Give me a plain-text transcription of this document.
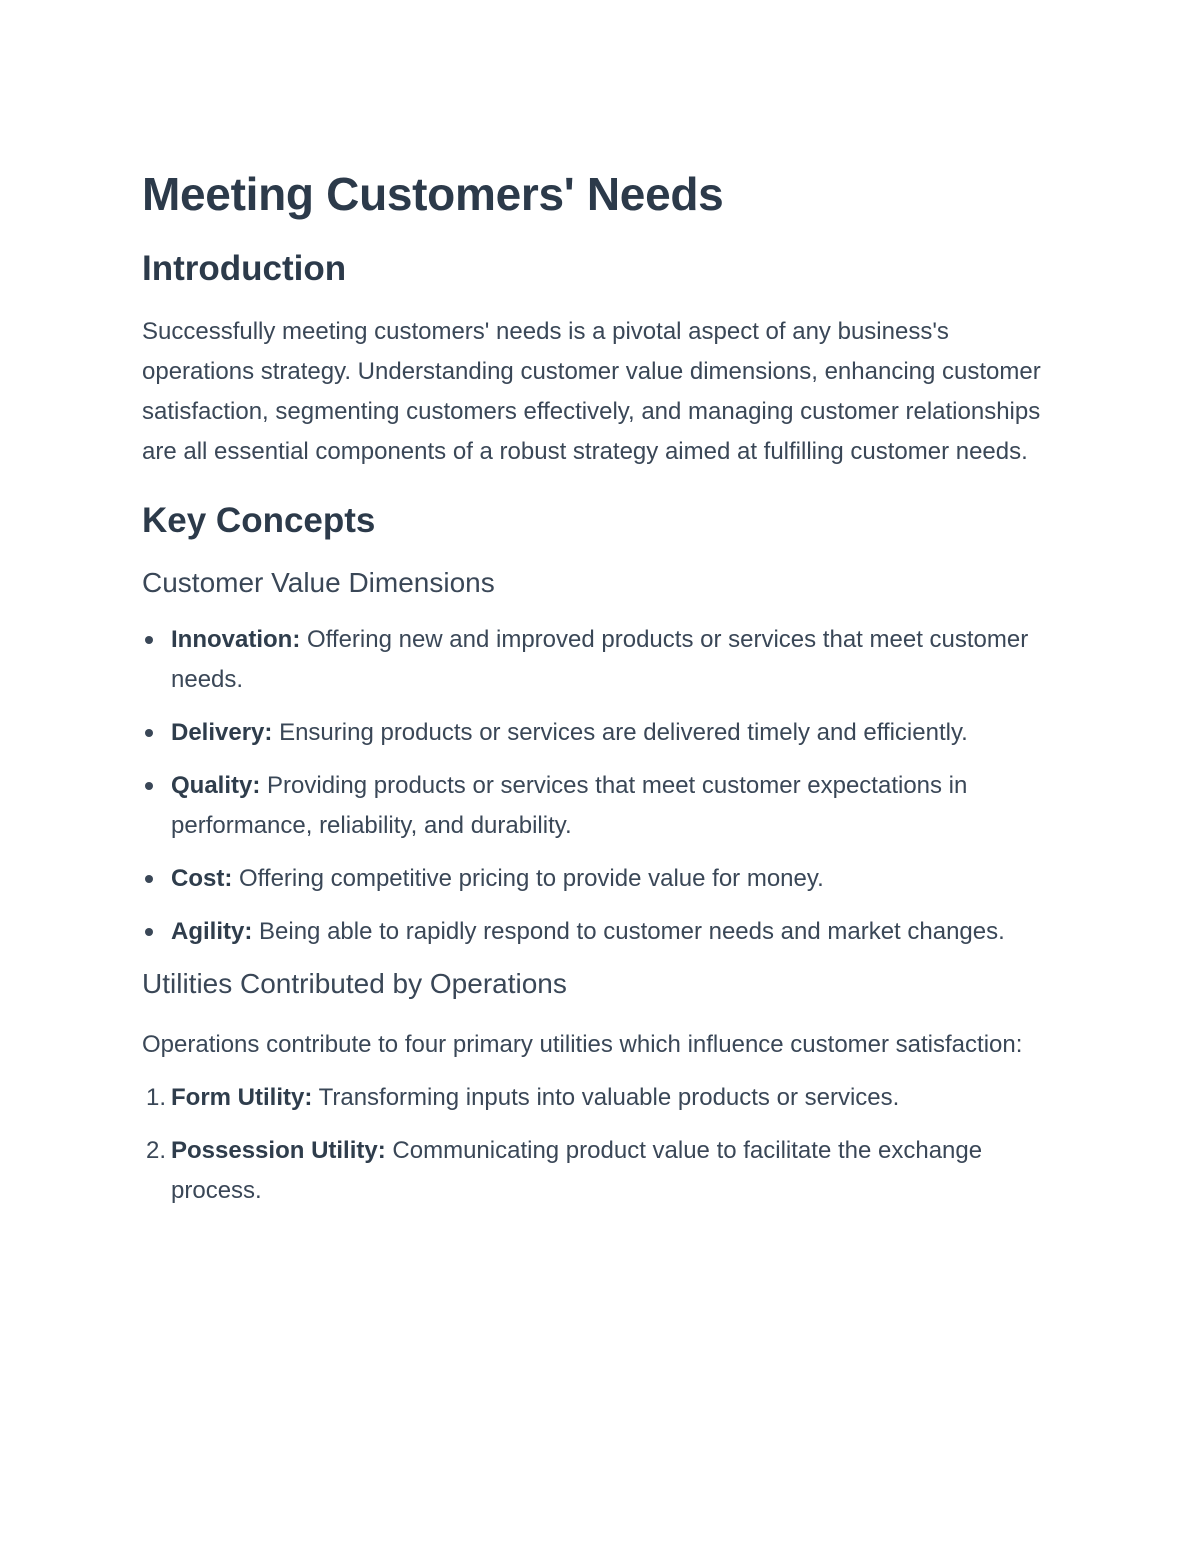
Meeting Customers' Needs
Introduction

Successfully meeting customers' needs is a pivotal aspect of any business's operations strategy. Understanding customer value dimensions, enhancing customer satisfaction, segmenting customers effectively, and managing customer relationships are all essential components of a robust strategy aimed at fulfilling customer needs.

Key Concepts
Customer Value Dimensions
Innovation: Offering new and improved products or services that meet customer needs.
Delivery: Ensuring products or services are delivered timely and efficiently.
Quality: Providing products or services that meet customer expectations in performance, reliability, and durability.
Cost: Offering competitive pricing to provide value for money.
Agility: Being able to rapidly respond to customer needs and market changes.
Utilities Contributed by Operations

Operations contribute to four primary utilities which influence customer satisfaction:

1. Form Utility: Transforming inputs into valuable products or services.
2. Possession Utility: Communicating product value to facilitate the exchange process.
